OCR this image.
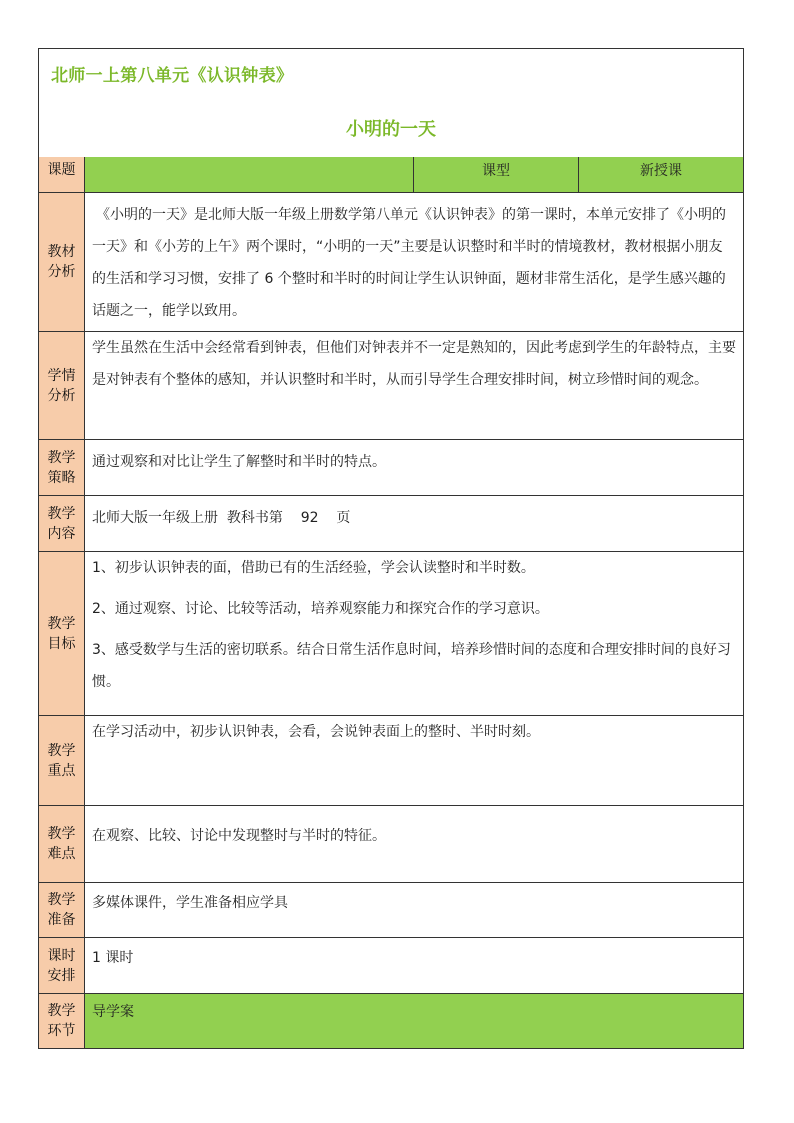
北师一上第八单元《认识钟表》
小明的一天
课题	课型	新授课
教材分析
《小明的一天》是北师大版一年级上册数学第八单元《认识钟表》的第一课时，本单元安排了《小明的一天》和《小芳的上午》两个课时，“小明的一天”主要是认识整时和半时的情境教材，教材根据小朋友的生活和学习习惯，安排了 6 个整时和半时的时间让学生认识钟面，题材非常生活化，是学生感兴趣的话题之一，能学以致用。
学情分析
学生虽然在生活中会经常看到钟表，但他们对钟表并不一定是熟知的，因此考虑到学生的年龄特点，主要是对钟表有个整体的感知，并认识整时和半时，从而引导学生合理安排时间，树立珍惜时间的观念。
教学策略
通过观察和对比让学生了解整时和半时的特点。
教学内容
北师大版一年级上册  教科书第    92    页
教学目标
1、初步认识钟表的面，借助已有的生活经验，学会认读整时和半时数。
2、通过观察、讨论、比较等活动，培养观察能力和探究合作的学习意识。
3、感受数学与生活的密切联系。结合日常生活作息时间，培养珍惜时间的态度和合理安排时间的良好习惯。
教学重点
在学习活动中，初步认识钟表，会看，会说钟表面上的整时、半时时刻。
教学难点
在观察、比较、讨论中发现整时与半时的特征。
教学准备
多媒体课件，学生准备相应学具
课时安排
1 课时
教学环节
导学案
